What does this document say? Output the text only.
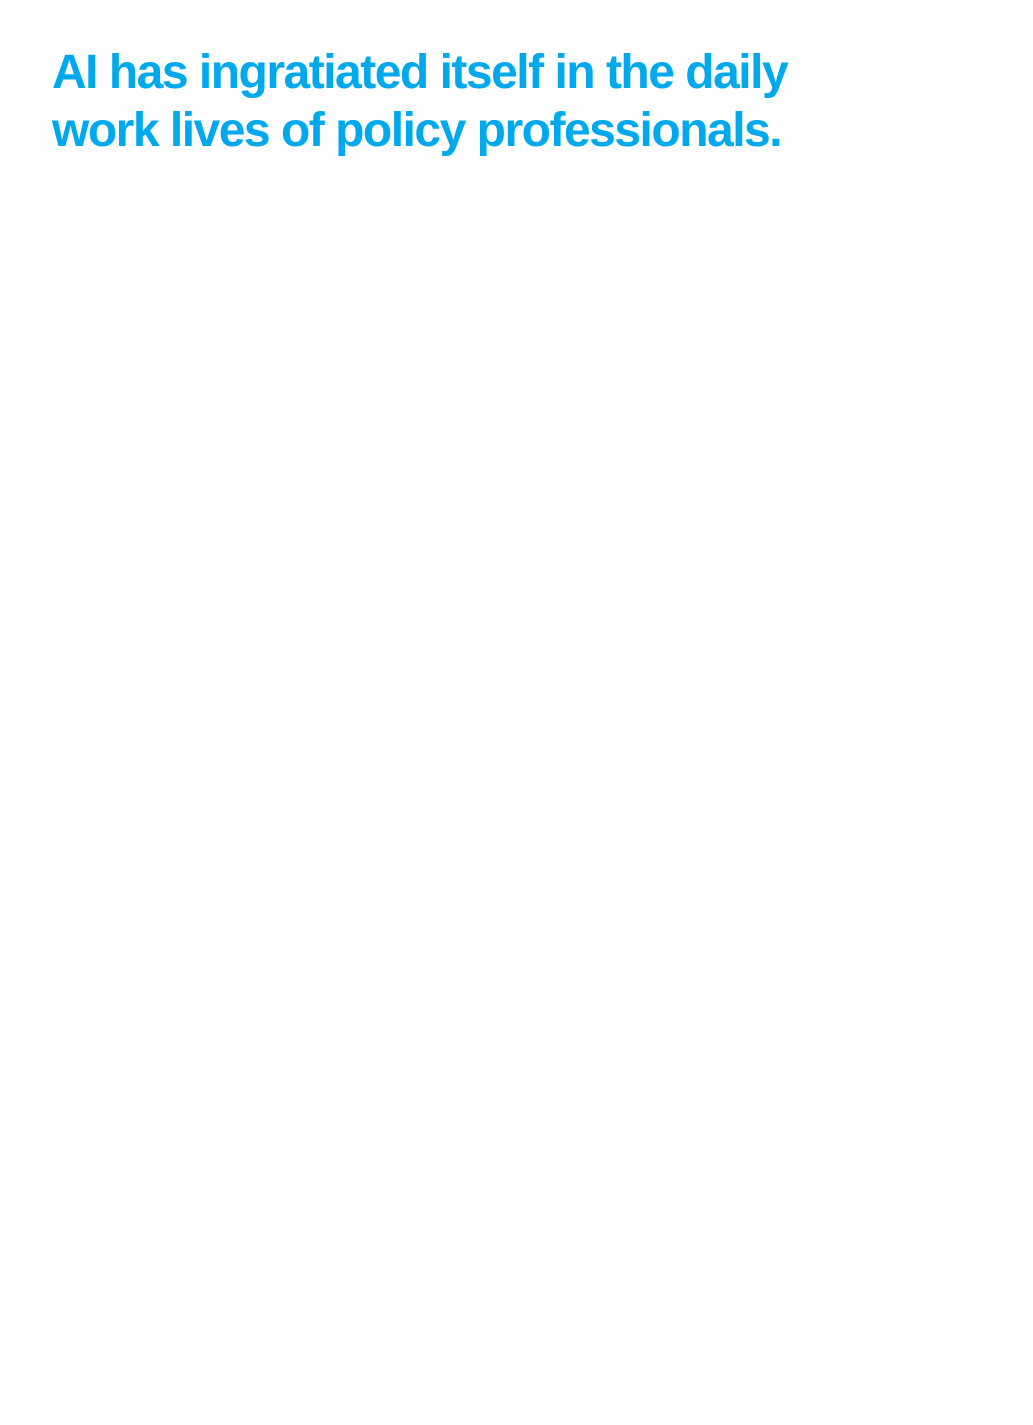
AI has ingratiated itself in the daily
work lives of policy professionals.
